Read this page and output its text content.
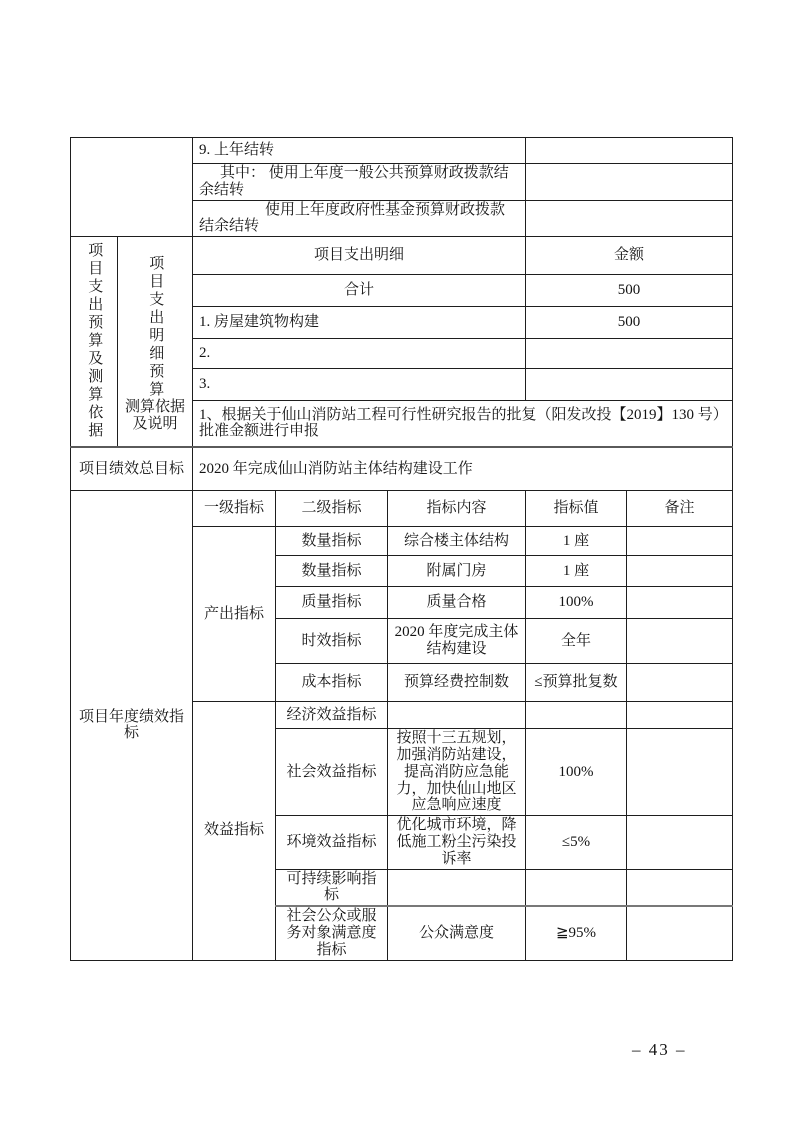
		9. 上年结转				
		其中： 使用上年度一般公共预算财政拨款结余结转				
		使用上年度政府性基金预算财政拨款结余结转				

项目支出预算及测算依据	项目支出明细预算
测算依据及说明	项目支出明细			金额	
		合计			500	
		1. 房屋建筑物构建			500	
		2.				
		3.				
		1、根据关于仙山消防站工程可行性研究报告的批复（阳发改投【2019】130 号）批准金额进行申报				
项目绩效总目标		2020 年完成仙山消防站主体结构建设工作				
项目年度绩效指标		一级指标	二级指标	指标内容	指标值	备注
		产出指标	数量指标	综合楼主体结构	1 座	
			数量指标	附属门房	1 座	
			质量指标	质量合格	100%	
			时效指标	2020 年度完成主体结构建设	全年	
			成本指标	预算经费控制数	≤预算批复数	
		效益指标	经济效益指标			
			社会效益指标	按照十三五规划，加强消防站建设，提高消防应急能力，加快仙山地区应急响应速度	100%	
			环境效益指标	优化城市环境，降低施工粉尘污染投诉率	≤5%	
			可持续影响指标			
			社会公众或服务对象满意度指标	公众满意度	≧95%	
– 43 –
